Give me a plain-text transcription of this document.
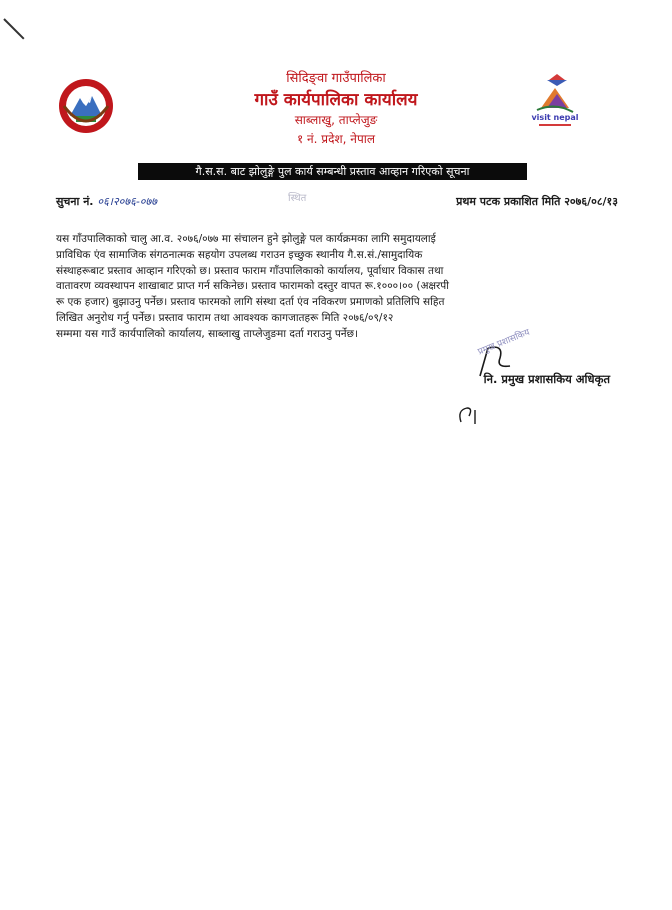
visit nepal
सिदिङ्वा गाउँपालिका
गाउँ कार्यपालिका कार्यालय
साब्लाखु, ताप्लेजुङ
१ नं. प्रदेश, नेपाल
गै.स.स. बाट झोलुङ्गे पुल कार्य सम्बन्धी प्रस्ताव आव्हान गरिएको सूचना
सुचना नं. ०६।२०७६-०७७	स्थित	प्रथम पटक प्रकाशित मिति २०७६/०८/१३
यस गाँउपालिकाको चालु आ.व. २०७६/०७७ मा संचालन हुने झोलुङ्गे पल कार्यक्रमका लागि समुदायलाई
प्राविधिक एंव सामाजिक संगठनात्मक सहयोग उपलब्ध गराउन इच्छुक स्थानीय गै.स.सं./सामुदायिक
संस्थाहरूबाट प्रस्ताव आव्हान गरिएको छ। प्रस्ताव फाराम गाँउपालिकाको कार्यालय, पूर्वाधार विकास तथा
वातावरण व्यवस्थापन शाखाबाट प्राप्त गर्न सकिनेछ। प्रस्ताव फारामको दस्तुर वापत रू.१०००।०० (अक्षरपी
रू एक हजार) बुझाउनु पर्नेछ। प्रस्ताव फारमको लागि संस्था दर्ता एंव नविकरण प्रमाणको प्रतिलिपि सहित
लिखित अनुरोध गर्नु पर्नेछ। प्रस्ताव फाराम तथा आवश्यक कागजातहरू मिति २०७६/०९/१२
सम्ममा यस गाउँ कार्यपालिको कार्यालय, साब्लाखु ताप्लेजुङमा दर्ता गराउनु पर्नेछ।	प्रमुख प्रशासकिय
नि. प्रमुख प्रशासकिय अधिकृत
